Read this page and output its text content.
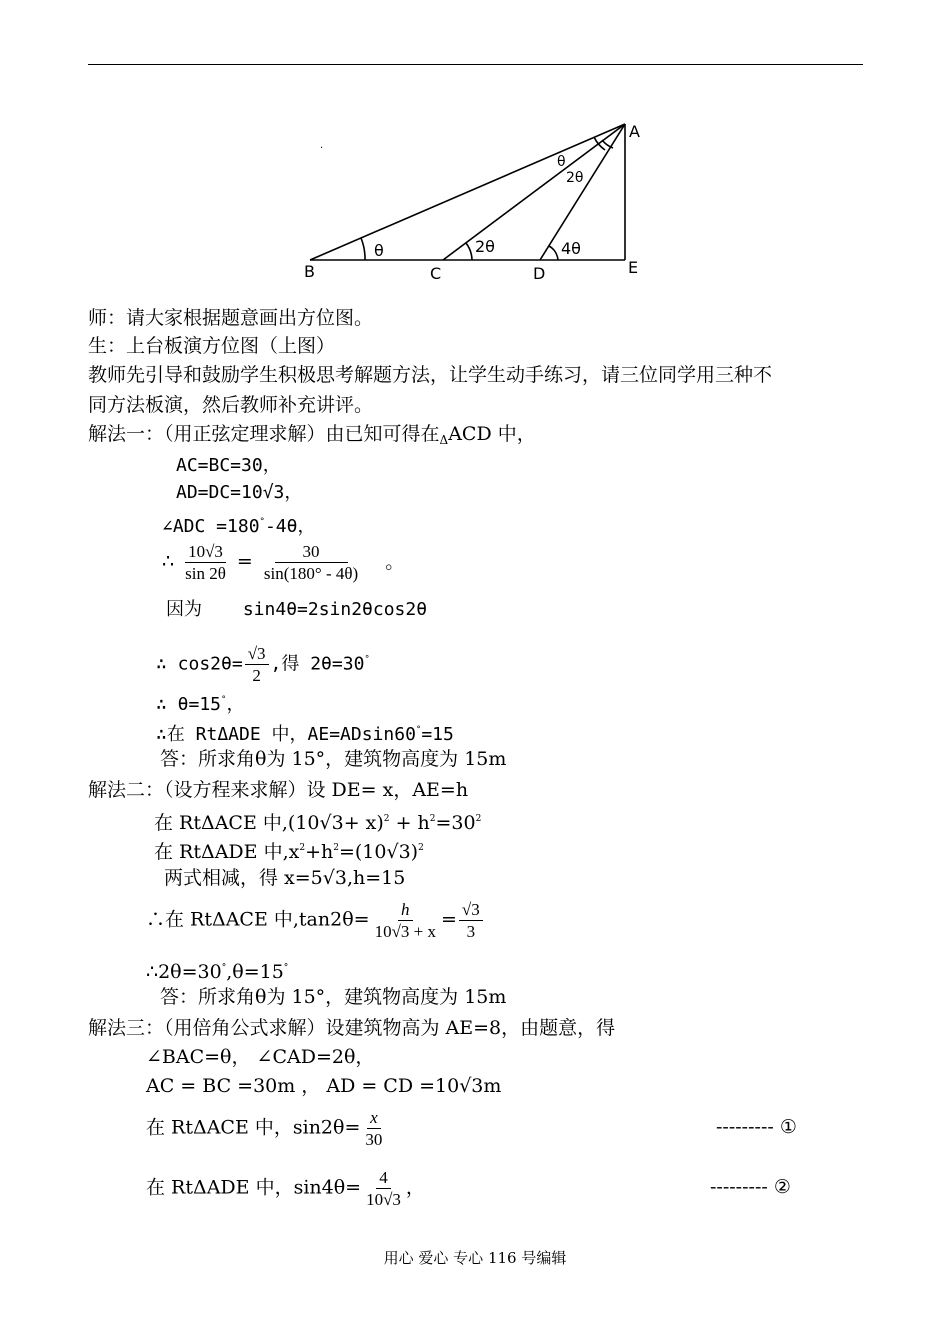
A
B	C	D	E
θ	2θ	4θ
θ
2θ
.
师：请大家根据题意画出方位图。
生：上台板演方位图（上图）
教师先引导和鼓励学生积极思考解题方法，让学生动手练习，请三位同学用三种不
同方法板演，然后教师补充讲评。
解法一：（用正弦定理求解）由已知可得在$_\Delta$ACD 中，
AC=BC=30，
AD=DC=10√3，
∠ADC =180°-4θ，
∴ $\frac{10√3}{\sin 2\theta} = \frac{30}{\sin(180^\circ - 4\theta)}$ 。
因为 sin4θ=2sin2θcos2θ
∴ $\cos 2\theta= \frac{√3}{2}$ ,得 2θ=30°
∴ θ=15°，
∴在 RtΔADE 中，AE=ADsin60°=15
答：所求角θ为 15°，建筑物高度为 15m
解法二：（设方程来求解）设 DE= x，AE=h
在 RtΔACE 中$,(10√3+ x)^2 + h^2=30^2$
在 RtΔADE 中$,x^2+h^2=(10√3)^2$
两式相减，得 x=5√3,h=15
∴在 RtΔACE 中$,\tan 2\theta= \frac{h}{10√3 + x} = \frac{√3}{3}$
∴2θ=30°,θ=15°
答：所求角θ为 15°，建筑物高度为 15m
解法三：（用倍角公式求解）设建筑物高为 AE=8，由题意，得
∠BAC=θ， ∠CAD=2θ，
AC = BC =30m ， AD = CD =10√3m
在 RtΔACE 中，$\sin 2\theta= \frac{x}{30}$	--------- ①
在 RtΔADE 中，$\sin 4\theta= \frac{4}{10√3}$ ，	--------- ②
用心 爱心 专心 116 号编辑
